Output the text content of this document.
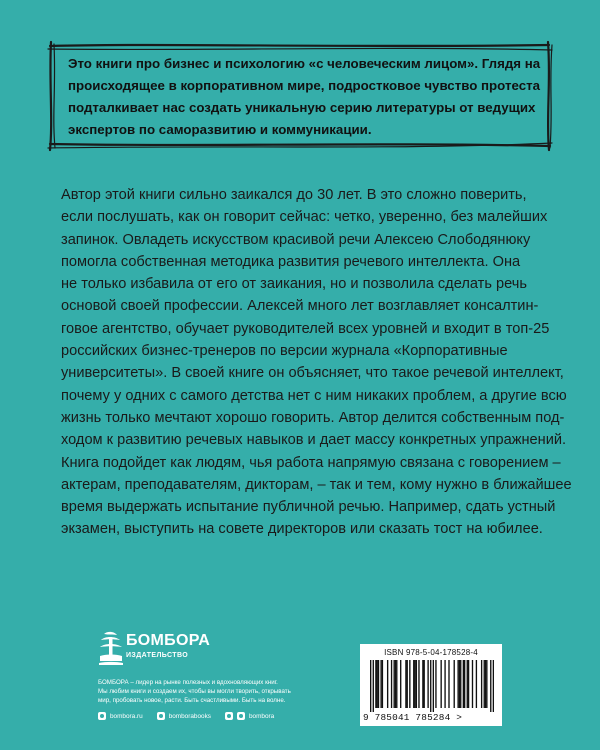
Это книги про бизнес и психологию «с человеческим лицом». Глядя на

происходящее в корпоративном мире, подростковое чувство протеста

подталкивает нас создать уникальную серию литературы от ведущих

экспертов по саморазвитию и коммуникации.

Автор этой книги сильно заикался до 30 лет. В это сложно поверить,

если послушать, как он говорит сейчас: четко, уверенно, без малейших

запинок. Овладеть искусством красивой речи Алексею Слободянюку

помогла собственная методика развития речевого интеллекта. Она

не только избавила от его от заикания, но и позволила сделать речь

основой своей профессии. Алексей много лет возглавляет консалтин-

говое агентство, обучает руководителей всех уровней и входит в топ-25

российских бизнес-тренеров по версии журнала «Корпоративные

университеты». В своей книге он объясняет, что такое речевой интеллект,

почему у одних с самого детства нет с ним никаких проблем, а другие всю

жизнь только мечтают хорошо говорить. Автор делится собственным под-

ходом к развитию речевых навыков и дает массу конкретных упражнений.

Книга подойдет как людям, чья работа напрямую связана с говорением –

актерам, преподавателям, дикторам, – так и тем, кому нужно в ближайшее

время выдержать испытание публичной речью. Например, сдать устный

экзамен, выступить на совете директоров или сказать тост на юбилее.

БОМБОРА
ИЗДАТЕЛЬСТВО

БОМБОРА – лидер на рынке полезных и вдохновляющих книг.

Мы любим книги и создаем их, чтобы вы могли творить, открывать

мир, пробовать новое, расти. Быть счастливыми. Быть на волне.

bombora.ru	bomborabooks	bombora
ISBN 978-5-04-178528-4
9 785041 785284 >
